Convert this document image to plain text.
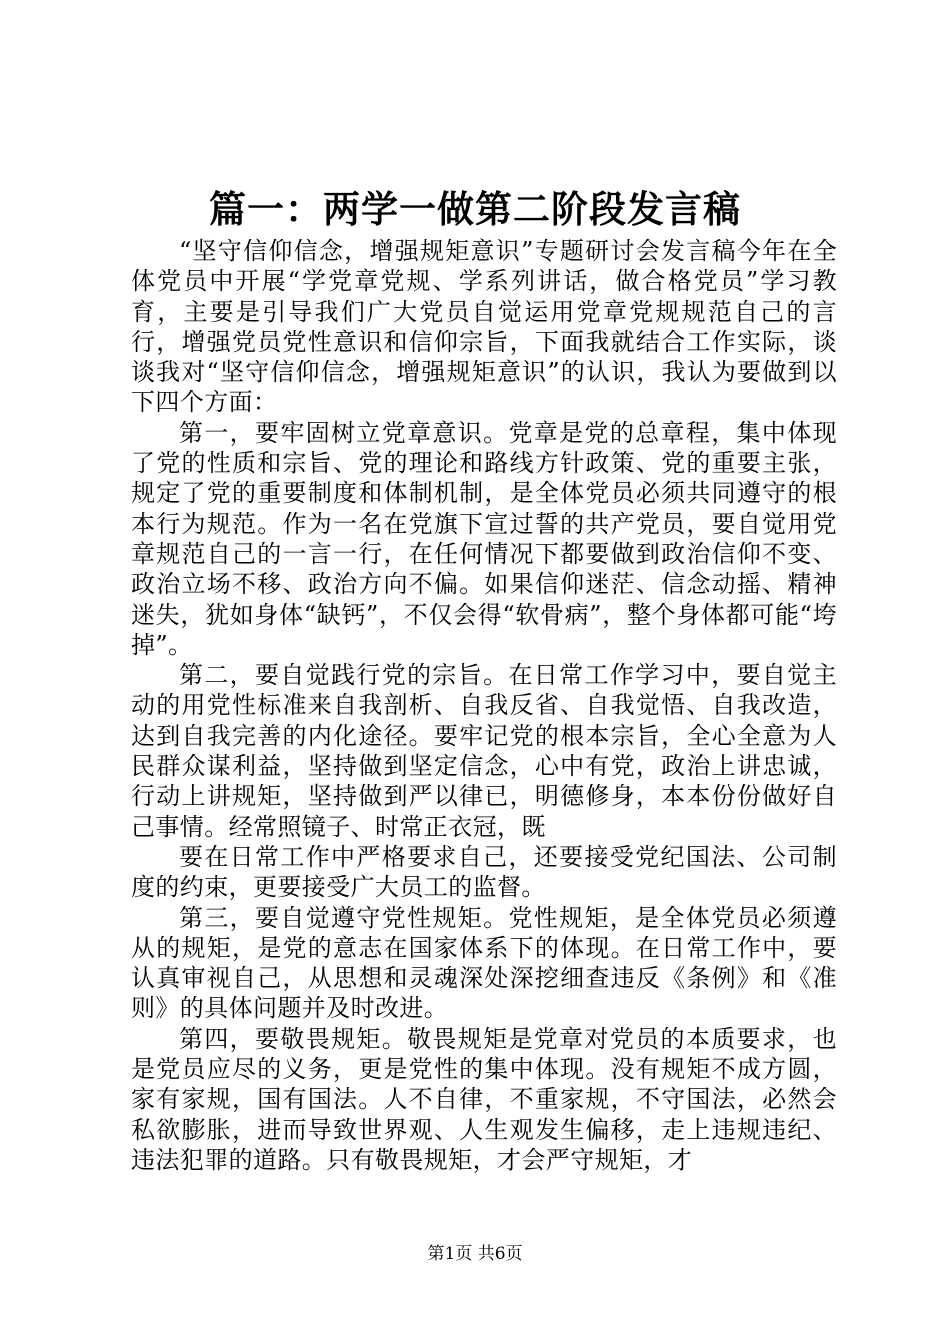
篇一：两学一做第二阶段发言稿

“坚守信仰信念，增强规矩意识”专题研讨会发言稿今年在全体党员中开展“学党章党规、学系列讲话，做合格党员”学习教育，主要是引导我们广大党员自觉运用党章党规规范自己的言行，增强党员党性意识和信仰宗旨，下面我就结合工作实际，谈谈我对“坚守信仰信念，增强规矩意识”的认识，我认为要做到以下四个方面：

第一，要牢固树立党章意识。党章是党的总章程，集中体现了党的性质和宗旨、党的理论和路线方针政策、党的重要主张，规定了党的重要制度和体制机制，是全体党员必须共同遵守的根本行为规范。作为一名在党旗下宣过誓的共产党员，要自觉用党章规范自己的一言一行，在任何情况下都要做到政治信仰不变、政治立场不移、政治方向不偏。如果信仰迷茫、信念动摇、精神迷失，犹如身体“缺钙”，不仅会得“软骨病”，整个身体都可能“垮掉”。

第二，要自觉践行党的宗旨。在日常工作学习中，要自觉主动的用党性标准来自我剖析、自我反省、自我觉悟、自我改造，达到自我完善的内化途径。要牢记党的根本宗旨，全心全意为人民群众谋利益，坚持做到坚定信念，心中有党，政治上讲忠诚，行动上讲规矩，坚持做到严以律已，明德修身，本本份份做好自己事情。经常照镜子、时常正衣冠，既

要在日常工作中严格要求自己，还要接受党纪国法、公司制度的约束，更要接受广大员工的监督。

第三，要自觉遵守党性规矩。党性规矩，是全体党员必须遵从的规矩，是党的意志在国家体系下的体现。在日常工作中，要认真审视自己，从思想和灵魂深处深挖细查违反《条例》和《准则》的具体问题并及时改进。

第四，要敬畏规矩。敬畏规矩是党章对党员的本质要求，也是党员应尽的义务，更是党性的集中体现。没有规矩不成方圆，家有家规，国有国法。人不自律，不重家规，不守国法，必然会私欲膨胀，进而导致世界观、人生观发生偏移，走上违规违纪、违法犯罪的道路。只有敬畏规矩，才会严守规矩，才

第1页 共6页
